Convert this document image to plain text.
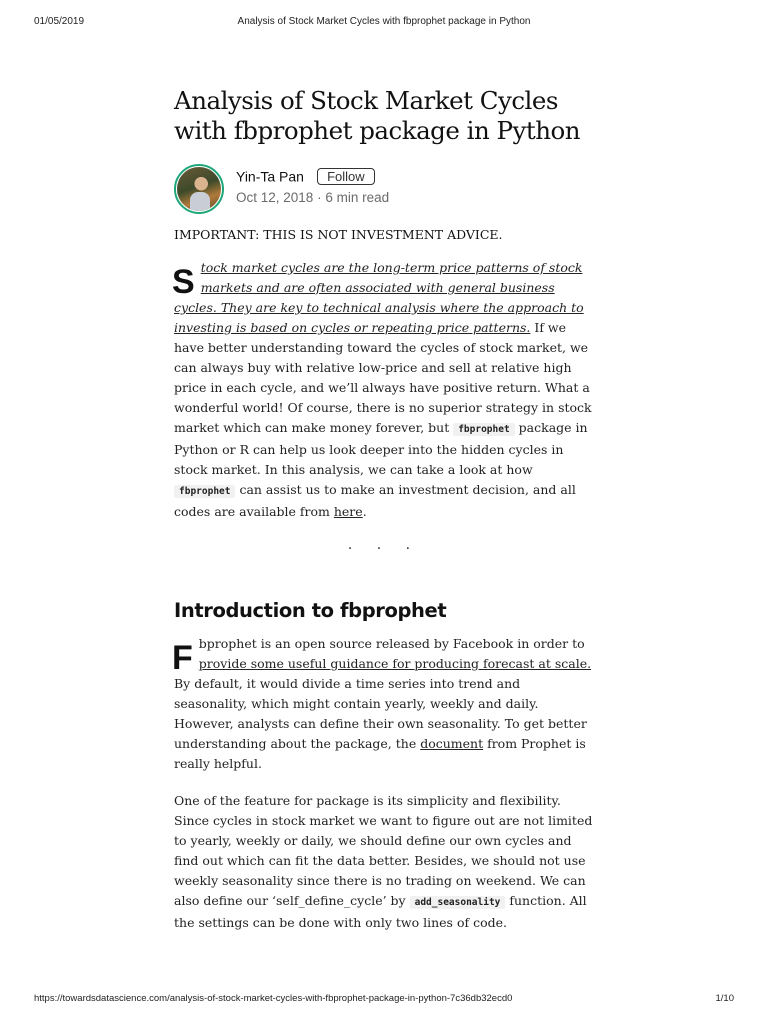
01/05/2019	Analysis of Stock Market Cycles with fbprophet package in Python
Analysis of Stock Market Cycles with fbprophet package in Python
Yin-Ta Pan Follow
Oct 12, 2018 · 6 min read
IMPORTANT: THIS IS NOT INVESTMENT ADVICE.

Stock market cycles are the long-term price patterns of stock markets and are often associated with general business cycles. They are key to technical analysis where the approach to investing is based on cycles or repeating price patterns. If we have better understanding toward the cycles of stock market, we can always buy with relative low-price and sell at relative high price in each cycle, and we’ll always have positive return. What a wonderful world! Of course, there is no superior strategy in stock market which can make money forever, but fbprophet package in Python or R can help us look deeper into the hidden cycles in stock market. In this analysis, we can take a look at how fbprophet can assist us to make an investment decision, and all codes are available from here.

· · ·
Introduction to fbprophet

Fbprophet is an open source released by Facebook in order to provide some useful guidance for producing forecast at scale. By default, it would divide a time series into trend and seasonality, which might contain yearly, weekly and daily. However, analysts can define their own seasonality. To get better understanding about the package, the document from Prophet is really helpful.

One of the feature for package is its simplicity and flexibility. Since cycles in stock market we want to figure out are not limited to yearly, weekly or daily, we should define our own cycles and find out which can fit the data better. Besides, we should not use weekly seasonality since there is no trading on weekend. We can also define our ‘self_define_cycle’ by add_seasonality function. All the settings can be done with only two lines of code.

https://towardsdatascience.com/analysis-of-stock-market-cycles-with-fbprophet-package-in-python-7c36db32ecd0	1/10
